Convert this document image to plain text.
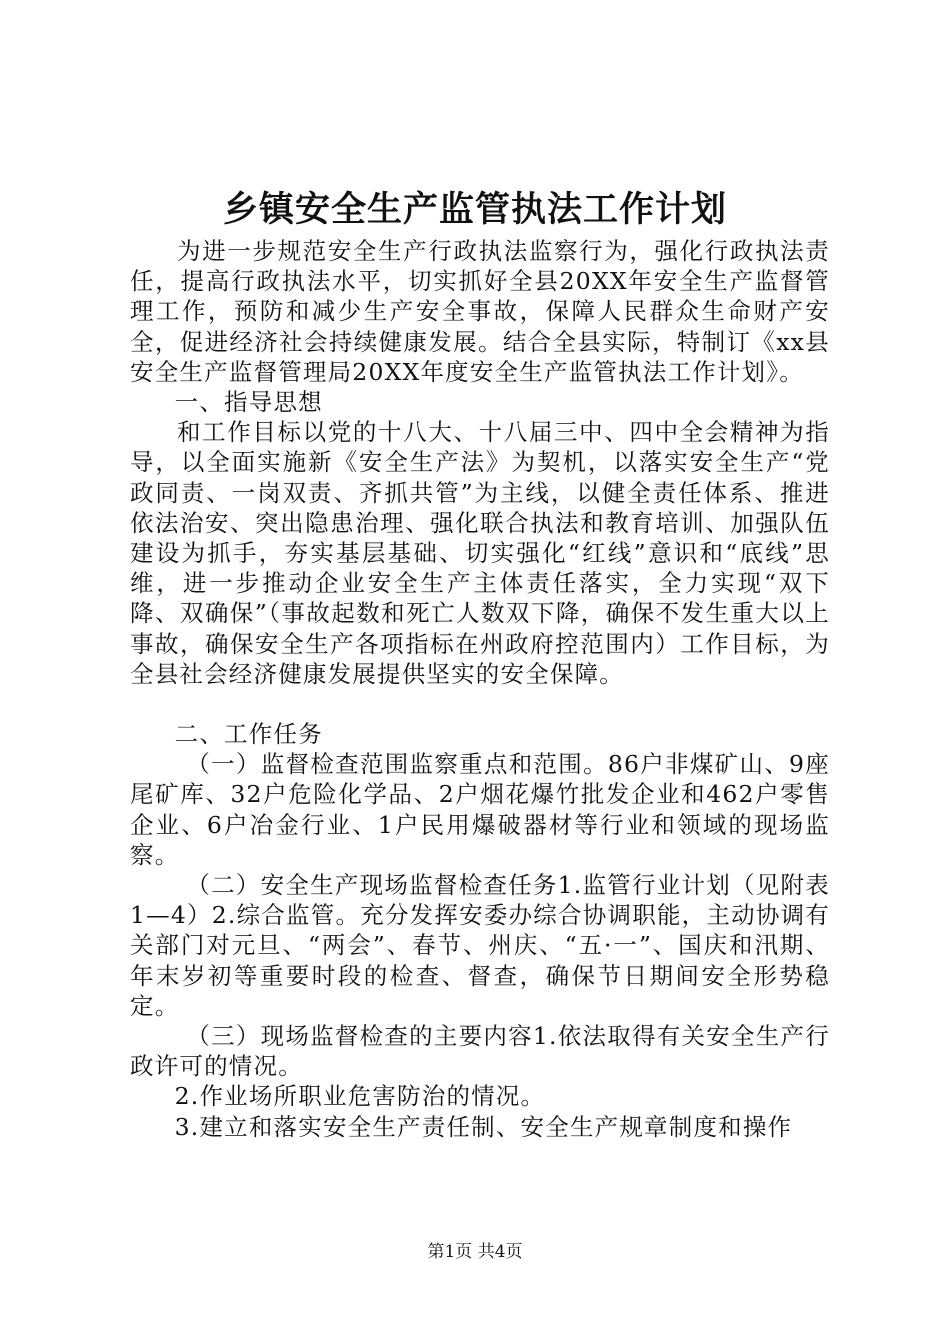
乡镇安全生产监管执法工作计划

为进一步规范安全生产行政执法监察行为，强化行政执法责任，提高行政执法水平，切实抓好全县20XX年安全生产监督管理工作，预防和减少生产安全事故，保障人民群众生命财产安全，促进经济社会持续健康发展。结合全县实际，特制订《xx县安全生产监督管理局20XX年度安全生产监管执法工作计划》。

一、指导思想

和工作目标以党的十八大、十八届三中、四中全会精神为指导，以全面实施新《安全生产法》为契机，以落实安全生产“党政同责、一岗双责、齐抓共管”为主线，以健全责任体系、推进依法治安、突出隐患治理、强化联合执法和教育培训、加强队伍建设为抓手，夯实基层基础、切实强化“红线”意识和“底线”思维，进一步推动企业安全生产主体责任落实，全力实现“双下降、双确保”（事故起数和死亡人数双下降，确保不发生重大以上事故，确保安全生产各项指标在州政府控范围内）工作目标，为全县社会经济健康发展提供坚实的安全保障。

二、工作任务

（一）监督检查范围监察重点和范围。86户非煤矿山、9座尾矿库、32户危险化学品、2户烟花爆竹批发企业和462户零售企业、6户冶金行业、1户民用爆破器材等行业和领域的现场监察。

（二）安全生产现场监督检查任务1.监管行业计划（见附表1—4）2.综合监管。充分发挥安委办综合协调职能，主动协调有关部门对元旦、“两会”、春节、州庆、“五·一”、国庆和汛期、年末岁初等重要时段的检查、督查，确保节日期间安全形势稳定。

（三）现场监督检查的主要内容1.依法取得有关安全生产行政许可的情况。

2.作业场所职业危害防治的情况。

3.建立和落实安全生产责任制、安全生产规章制度和操作

第1页 共4页
